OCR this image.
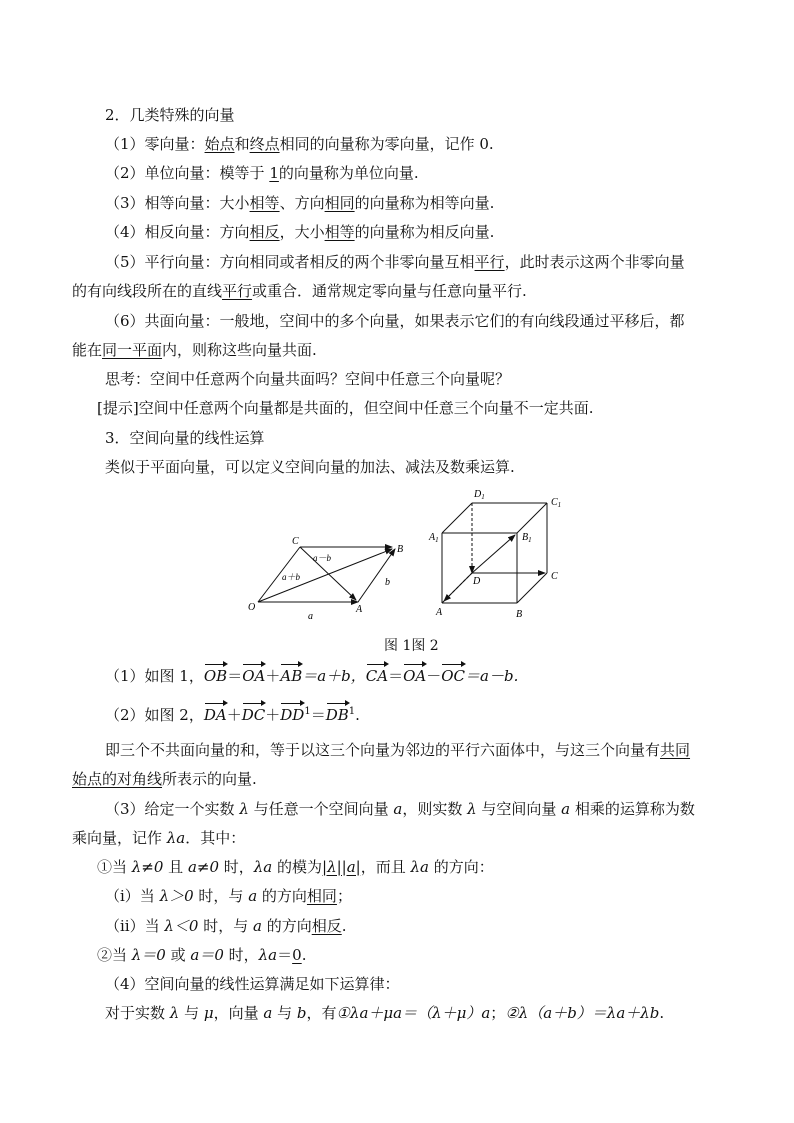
2．几类特殊的向量
（1）零向量：始点和终点相同的向量称为零向量，记作 0.
（2）单位向量：模等于 1的向量称为单位向量.
（3）相等向量：大小相等、方向相同的向量称为相等向量.
（4）相反向量：方向相反，大小相等的向量称为相反向量.
（5）平行向量：方向相同或者相反的两个非零向量互相平行，此时表示这两个非零向量
的有向线段所在的直线平行或重合．通常规定零向量与任意向量平行.
（6）共面向量：一般地，空间中的多个向量，如果表示它们的有向线段通过平移后，都
能在同一平面内，则称这些向量共面.
思考：空间中任意两个向量共面吗？空间中任意三个向量呢？
[提示]空间中任意两个向量都是共面的，但空间中任意三个向量不一定共面.
3．空间向量的线性运算
类似于平面向量，可以定义空间向量的加法、减法及数乘运算.
O	A
B
C
a－b
a＋b	b
a
$D_1$	$C_1$
$A_1$	$B_1$
D	C
A	B
图 1图 2
（1）如图 1，OB＝OA＋AB＝a＋b，CA＝OA－OC＝a－b.
（2）如图 2，$DA+DC+DD^1=DB^1$.
即三个不共面向量的和，等于以这三个向量为邻边的平行六面体中，与这三个向量有共同
始点的对角线所表示的向量.
（3）给定一个实数 λ 与任意一个空间向量 a，则实数 λ 与空间向量 a 相乘的运算称为数
乘向量，记作 λa．其中：
①当 λ≠0 且 a≠0 时，λa 的模为|λ||a|，而且 λa 的方向：
（ⅰ）当 λ＞0 时，与 a 的方向相同；
（ⅱ）当 λ＜0 时，与 a 的方向相反.
②当 λ＝0 或 a＝0 时，λa＝0.
（4）空间向量的线性运算满足如下运算律：
对于实数 λ 与 μ，向量 a 与 b，有①λa＋μa＝（λ＋μ）a；②λ（a＋b）＝λa＋λb.
